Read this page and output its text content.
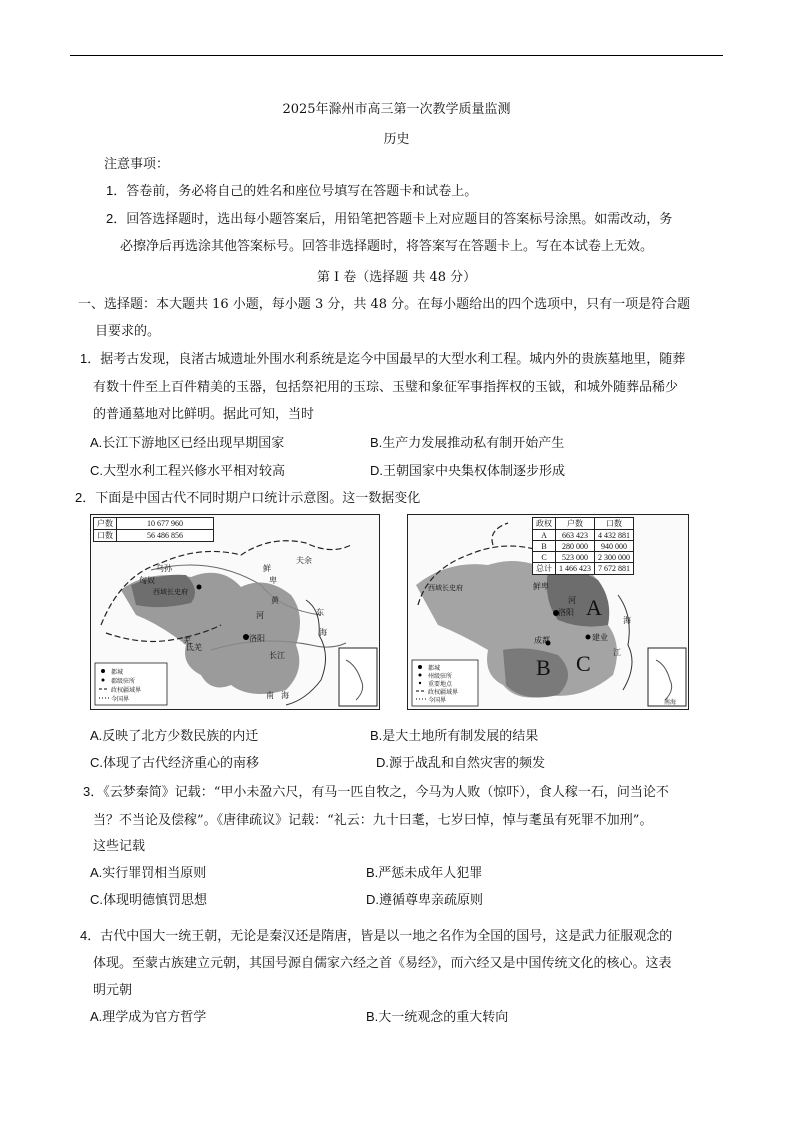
2025年滁州市高三第一次教学质量监测
历史
注意事项：
1．答卷前，务必将自己的姓名和座位号填写在答题卡和试卷上。
2．回答选择题时，选出每小题答案后，用铅笔把答题卡上对应题目的答案标号涂黑。如需改动，务
必擦净后再选涂其他答案标号。回答非选择题时，将答案写在答题卡上。写在本试卷上无效。
第 I 卷（选择题 共 48 分）
一、选择题：本大题共 16 小题，每小题 3 分，共 48 分。在每小题给出的四个选项中，只有一项是符合题
目要求的。
1．据考古发现，良渚古城遗址外围水利系统是迄今中国最早的大型水利工程。城内外的贵族墓地里，随葬
有数十件至上百件精美的玉器，包括祭祀用的玉琮、玉璧和象征军事指挥权的玉钺，和城外随葬品稀少
的普通墓地对比鲜明。据此可知，当时
A.长江下游地区已经出现早期国家	B.生产力发展推动私有制开始产生
C.大型水利工程兴修水平相对较高	D.王朝国家中央集权体制逐步形成
2．下面是中国古代不同时期户口统计示意图。这一数据变化
户数	10 677 960
口数	56 486 856
鲜
卑
匈奴
乌孙
西域长史府
羌	洛阳
长江
河
黄
夫余
东
海
海
南
氐羌
都城
郡级驻所
政权疆域界
今国界
政权	户数	口数
A	663 423	4 432 881
B	280 000	940 000
C	523 000	2 300 000
总计	1 466 423	7 672 881
鲜卑
西域长史府
成都
洛阳
建业
A
B C
河
江
海
都城
州级驻所
重要地点
政权疆域界
今国界	南海
A.反映了北方少数民族的内迁	B.是大土地所有制发展的结果
C.体现了古代经济重心的南移	D.源于战乱和自然灾害的频发
3．《云梦秦简》记载：“甲小未盈六尺，有马一匹自牧之，今马为人败（惊吓），食人稼一石，问当论不
当？不当论及偿稼”。《唐律疏议》记载：“礼云：九十曰耄，七岁曰悼，悼与耄虽有死罪不加刑”。
这些记载
A.实行罪罚相当原则	B.严惩未成年人犯罪
C.体现明德慎罚思想	D.遵循尊卑亲疏原则
4．古代中国大一统王朝，无论是秦汉还是隋唐，皆是以一地之名作为全国的国号，这是武力征服观念的
体现。至蒙古族建立元朝，其国号源自儒家六经之首《易经》，而六经又是中国传统文化的核心。这表
明元朝
A.理学成为官方哲学	B.大一统观念的重大转向
